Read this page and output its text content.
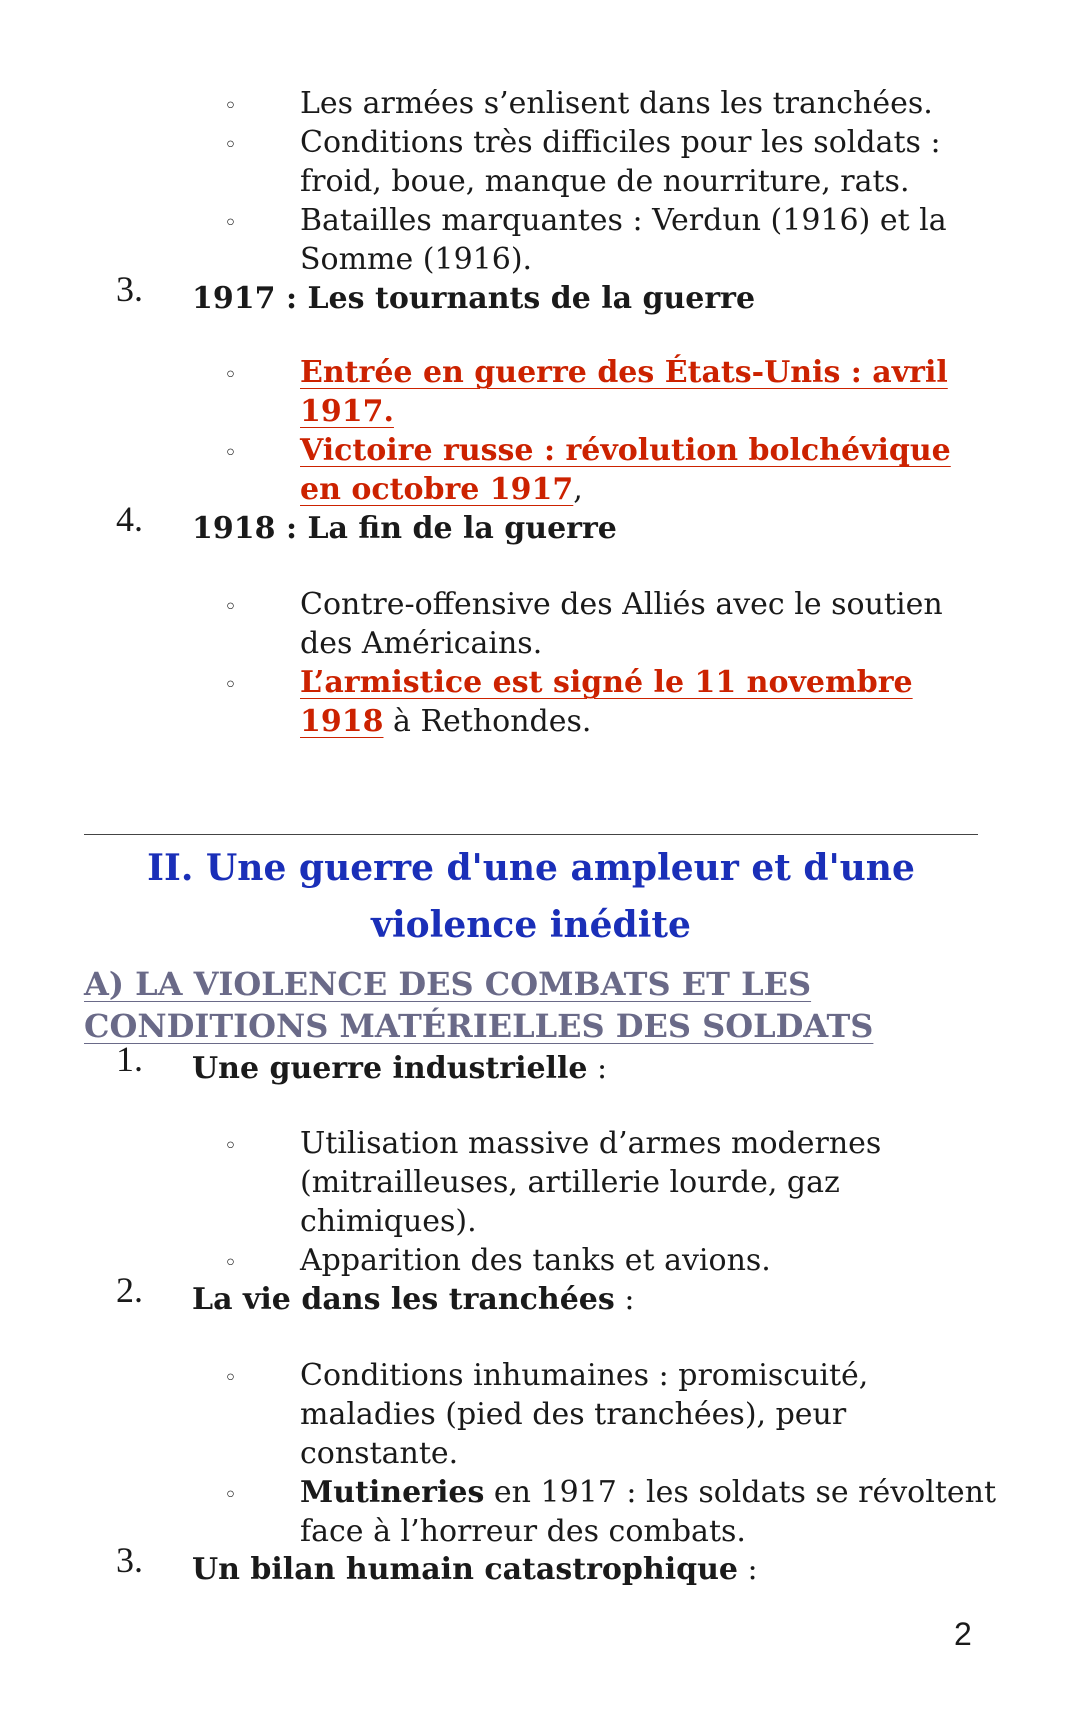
◦ Les armées s’enlisent dans les tranchées.
◦ Conditions très difficiles pour les soldats : froid, boue, manque de nourriture, rats.
◦ Batailles marquantes : Verdun (1916) et la Somme (1916).
3. 1917 : Les tournants de la guerre
◦ Entrée en guerre des États-Unis : avril 1917.
◦ Victoire russe : révolution bolchévique en octobre 1917,
4. 1918 : La fin de la guerre
◦ Contre-offensive des Alliés avec le soutien des Américains.
◦ L’armistice est signé le 11 novembre 1918 à Rethondes.
II. Une guerre d'une ampleur et d'une
violence inédite
A) LA VIOLENCE DES COMBATS ET LES
CONDITIONS MATÉRIELLES DES SOLDATS
1. Une guerre industrielle :
◦ Utilisation massive d’armes modernes (mitrailleuses, artillerie lourde, gaz chimiques).
◦ Apparition des tanks et avions.
2. La vie dans les tranchées :
◦ Conditions inhumaines : promiscuité, maladies (pied des tranchées), peur constante.
◦ Mutineries en 1917 : les soldats se révoltent face à l’horreur des combats.
3. Un bilan humain catastrophique :
2
